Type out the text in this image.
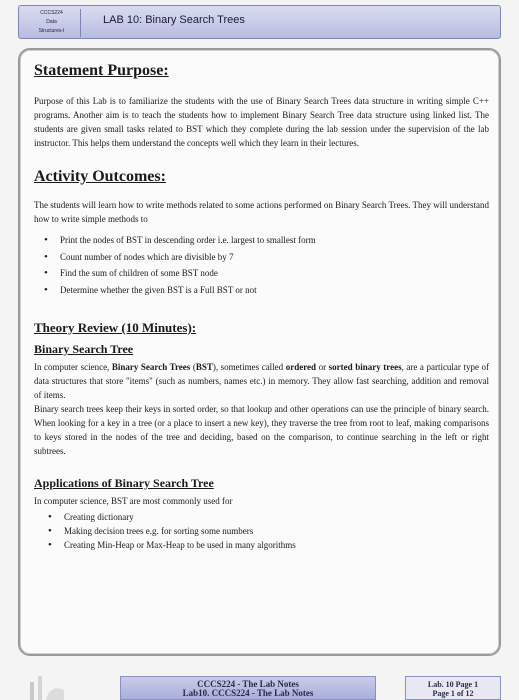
CCCS224
Data
Structures-I
LAB 10: Binary Search Trees
Statement Purpose:

Purpose of this Lab is to familiarize the students with the use of Binary Search Trees data structure in writing simple C++ programs. Another aim is to teach the students how to implement Binary Search Tree data structure using linked list. The students are given small tasks related to BST which they complete during the lab session under the supervision of the lab instructor. This helps them understand the concepts well which they learn in their lectures.

Activity Outcomes:

The students will learn how to write methods related to some actions performed on Binary Search Trees. They will understand how to write simple methods to

• Print the nodes of BST in descending order i.e. largest to smallest form
• Count number of nodes which are divisible by 7
• Find the sum of children of some BST node
• Determine whether the given BST is a Full BST or not
Theory Review (10 Minutes):
Binary Search Tree

In computer science, Binary Search Trees (BST), sometimes called ordered or sorted binary trees, are a particular type of data structures that store "items" (such as numbers, names etc.) in memory. They allow fast searching, addition and removal of items.

Binary search trees keep their keys in sorted order, so that lookup and other operations can use the principle of binary search. When looking for a key in a tree (or a place to insert a new key), they traverse the tree from root to leaf, making comparisons to keys stored in the nodes of the tree and deciding, based on the comparison, to continue searching in the left or right subtrees.

Applications of Binary Search Tree

In computer science, BST are most commonly used for

• Creating dictionary
• Making decision trees e.g. for sorting some numbers
• Creating Min-Heap or Max-Heap to be used in many algorithms
CCCS224 - The Lab Notes
Lab10. CCCS224 - The Lab Notes
Lab. 10 Page 1
Page 1 of 12
